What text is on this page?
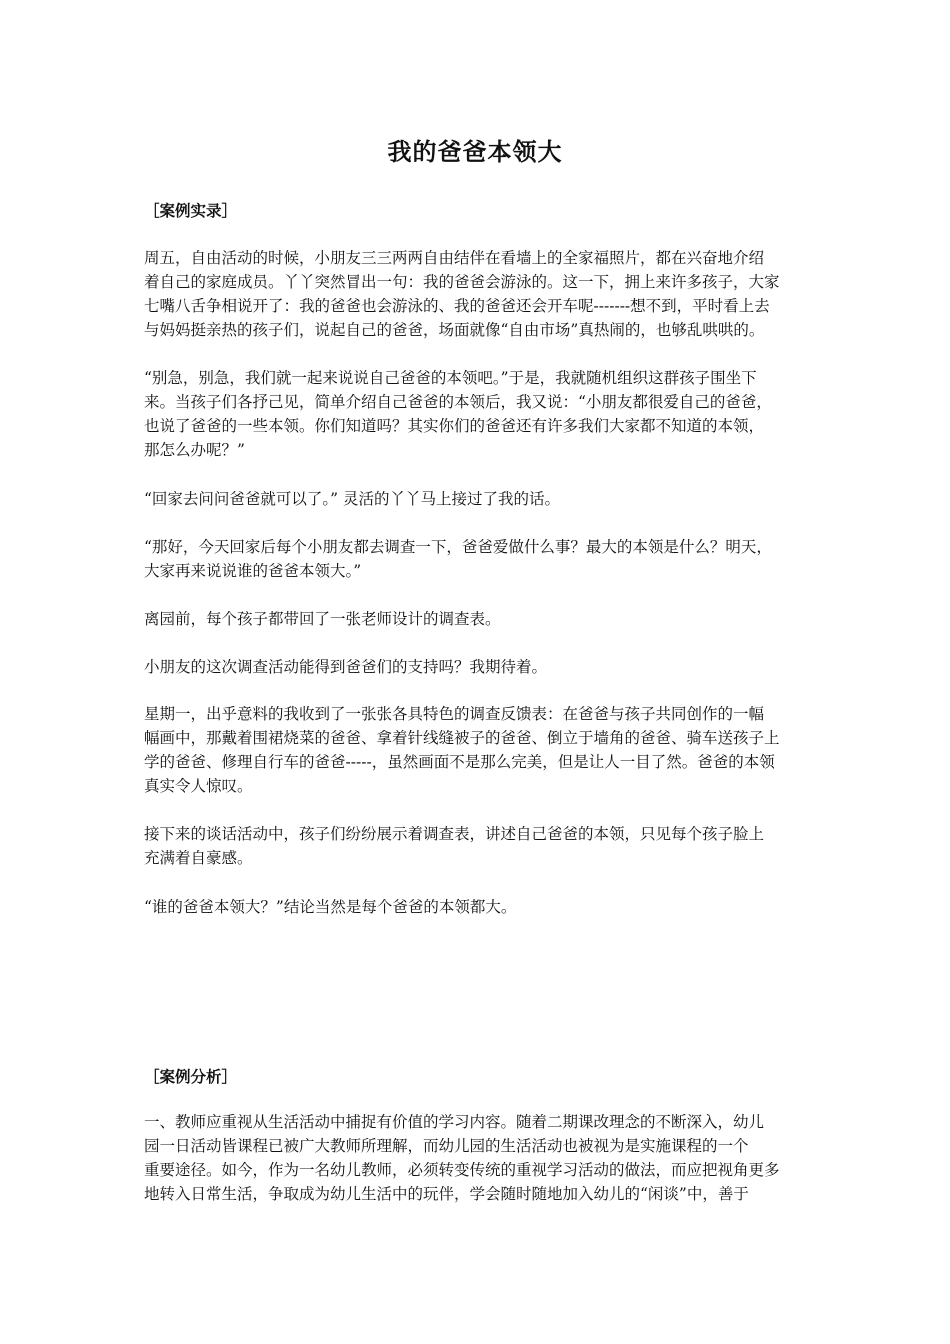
我的爸爸本领大
［案例实录］
周五，自由活动的时候，小朋友三三两两自由结伴在看墙上的全家福照片，都在兴奋地介绍
着自己的家庭成员。丫丫突然冒出一句：我的爸爸会游泳的。这一下，拥上来许多孩子，大家
七嘴八舌争相说开了：我的爸爸也会游泳的、我的爸爸还会开车呢-------想不到，平时看上去
与妈妈挺亲热的孩子们，说起自己的爸爸，场面就像“自由市场”真热闹的，也够乱哄哄的。
“别急，别急，我们就一起来说说自己爸爸的本领吧。”于是，我就随机组织这群孩子围坐下
来。当孩子们各抒己见，简单介绍自己爸爸的本领后，我又说：“小朋友都很爱自己的爸爸，
也说了爸爸的一些本领。你们知道吗？其实你们的爸爸还有许多我们大家都不知道的本领，
那怎么办呢？”
“回家去问问爸爸就可以了。” 灵活的丫丫马上接过了我的话。
“那好，今天回家后每个小朋友都去调查一下，爸爸爱做什么事？最大的本领是什么？明天，
大家再来说说谁的爸爸本领大。”
离园前，每个孩子都带回了一张老师设计的调查表。
小朋友的这次调查活动能得到爸爸们的支持吗？我期待着。
星期一，出乎意料的我收到了一张张各具特色的调查反馈表：在爸爸与孩子共同创作的一幅
幅画中，那戴着围裙烧菜的爸爸、拿着针线缝被子的爸爸、倒立于墙角的爸爸、骑车送孩子上
学的爸爸、修理自行车的爸爸-----，虽然画面不是那么完美，但是让人一目了然。爸爸的本领
真实令人惊叹。
接下来的谈话活动中，孩子们纷纷展示着调查表，讲述自己爸爸的本领，只见每个孩子脸上
充满着自豪感。
“谁的爸爸本领大？”结论当然是每个爸爸的本领都大。
［案例分析］
一、教师应重视从生活活动中捕捉有价值的学习内容。随着二期课改理念的不断深入，幼儿
园一日活动皆课程已被广大教师所理解，而幼儿园的生活活动也被视为是实施课程的一个
重要途径。如今，作为一名幼儿教师，必须转变传统的重视学习活动的做法，而应把视角更多
地转入日常生活，争取成为幼儿生活中的玩伴，学会随时随地加入幼儿的“闲谈”中，善于
